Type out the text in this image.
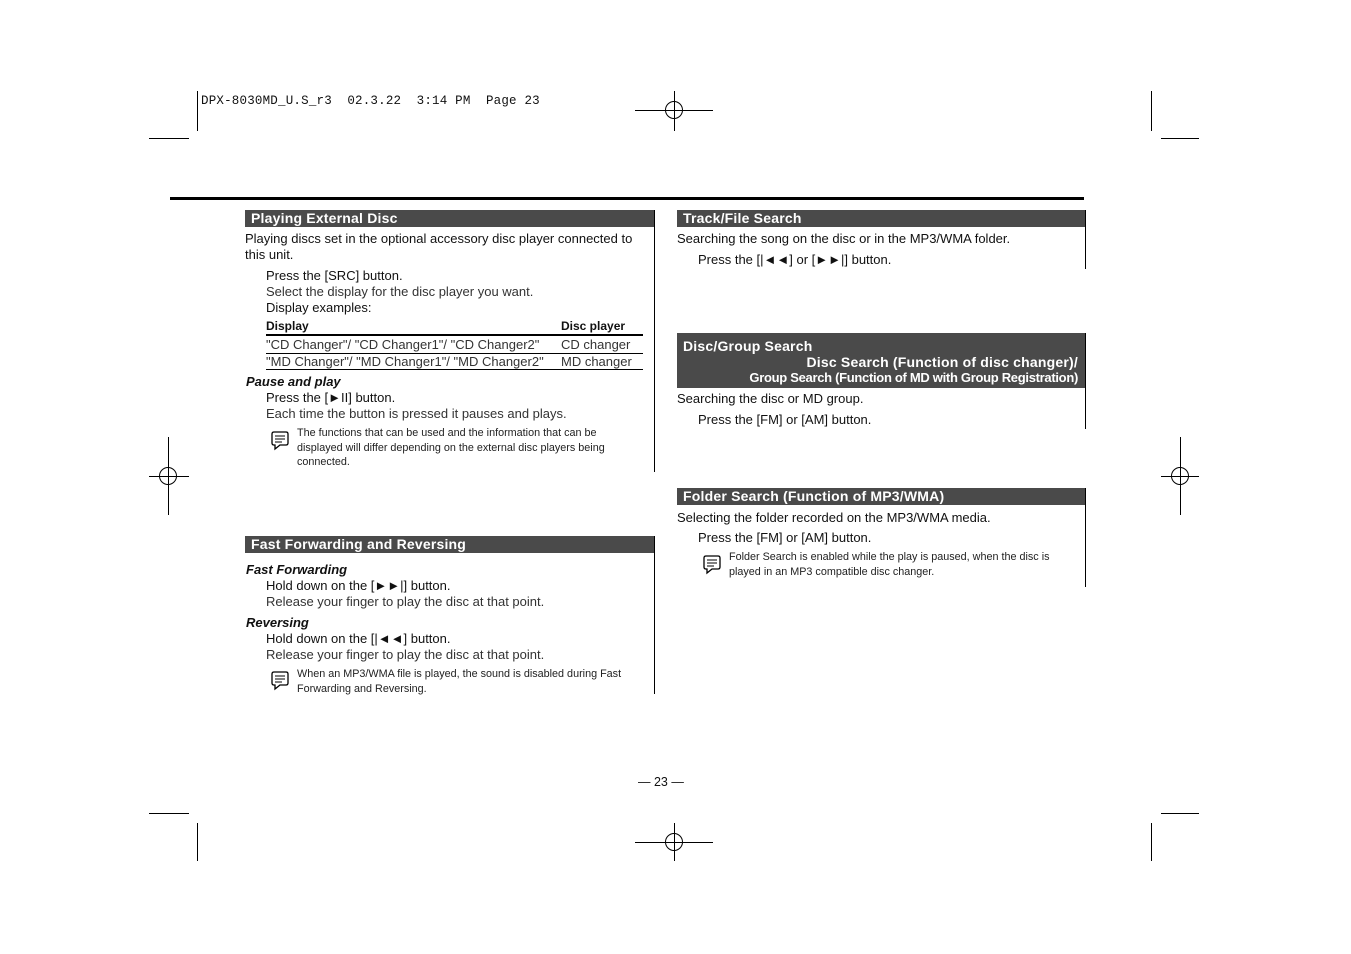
DPX-8030MD_U.S_r3  02.3.22  3:14 PM  Page 23
Playing External Disc
Playing discs set in the optional accessory disc player connected to this unit.
Press the [SRC] button.
Select the display for the disc player you want.
Display examples:
Display	Disc player
"CD Changer"/ "CD Changer1"/ "CD Changer2" CD changer
"MD Changer"/ "MD Changer1"/ "MD Changer2" MD changer
Pause and play
Press the [►II] button.
Each time the button is pressed it pauses and plays.
The functions that can be used and the information that can be displayed will differ depending on the external disc players being connected.
Fast Forwarding and Reversing
Fast Forwarding
Hold down on the [►►|] button.
Release your finger to play the disc at that point.
Reversing
Hold down on the [|◄◄] button.
Release your finger to play the disc at that point.
When an MP3/WMA file is played, the sound is disabled during Fast Forwarding and Reversing.
Track/File Search
Searching the song on the disc or in the MP3/WMA folder.
Press the [|◄◄] or [►►|] button.
Disc/Group Search
Disc Search (Function of disc changer)/
Group Search (Function of MD with Group Registration)
Searching the disc or MD group.
Press the [FM] or [AM] button.
Folder Search (Function of MP3/WMA)
Selecting the folder recorded on the MP3/WMA media.
Press the [FM] or [AM] button.
Folder Search is enabled while the play is paused, when the disc is played in an MP3 compatible disc changer.
— 23 —
